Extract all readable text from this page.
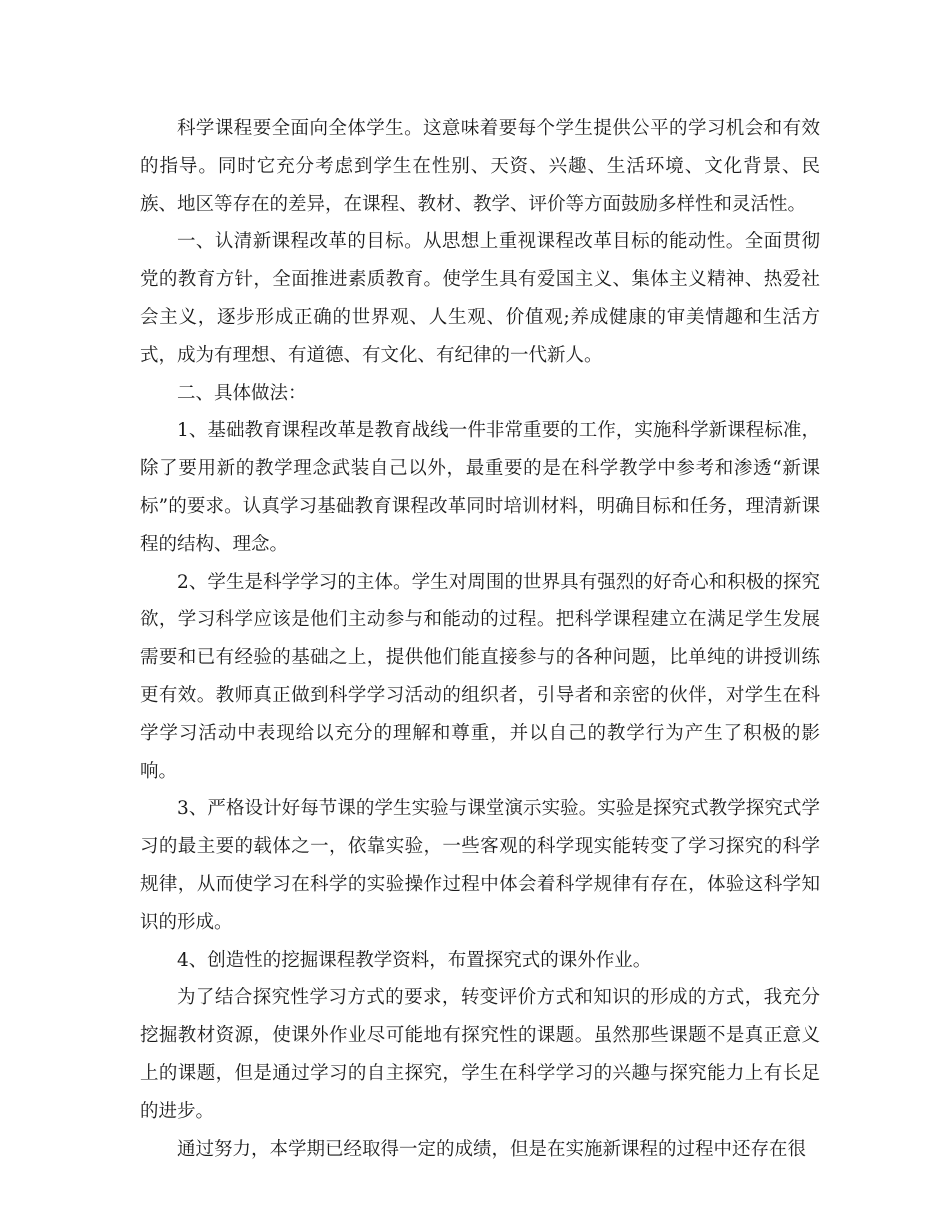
科学课程要全面向全体学生。这意味着要每个学生提供公平的学习机会和有效的指导。同时它充分考虑到学生在性别、天资、兴趣、生活环境、文化背景、民族、地区等存在的差异，在课程、教材、教学、评价等方面鼓励多样性和灵活性。

一、认清新课程改革的目标。从思想上重视课程改革目标的能动性。全面贯彻党的教育方针，全面推进素质教育。使学生具有爱国主义、集体主义精神、热爱社会主义，逐步形成正确的世界观、人生观、价值观;养成健康的审美情趣和生活方式，成为有理想、有道德、有文化、有纪律的一代新人。

二、具体做法：

1、基础教育课程改革是教育战线一件非常重要的工作，实施科学新课程标准，除了要用新的教学理念武装自己以外，最重要的是在科学教学中参考和渗透“新课标”的要求。认真学习基础教育课程改革同时培训材料，明确目标和任务，理清新课程的结构、理念。

2、学生是科学学习的主体。学生对周围的世界具有强烈的好奇心和积极的探究欲，学习科学应该是他们主动参与和能动的过程。把科学课程建立在满足学生发展需要和已有经验的基础之上，提供他们能直接参与的各种问题，比单纯的讲授训练更有效。教师真正做到科学学习活动的组织者，引导者和亲密的伙伴，对学生在科学学习活动中表现给以充分的理解和尊重，并以自己的教学行为产生了积极的影响。

3、严格设计好每节课的学生实验与课堂演示实验。实验是探究式教学探究式学习的最主要的载体之一，依靠实验，一些客观的科学现实能转变了学习探究的科学规律，从而使学习在科学的实验操作过程中体会着科学规律有存在，体验这科学知识的形成。

4、创造性的挖掘课程教学资料，布置探究式的课外作业。

为了结合探究性学习方式的要求，转变评价方式和知识的形成的方式，我充分挖掘教材资源，使课外作业尽可能地有探究性的课题。虽然那些课题不是真正意义上的课题，但是通过学习的自主探究，学生在科学学习的兴趣与探究能力上有长足的进步。

通过努力，本学期已经取得一定的成绩，但是在实施新课程的过程中还存在很
